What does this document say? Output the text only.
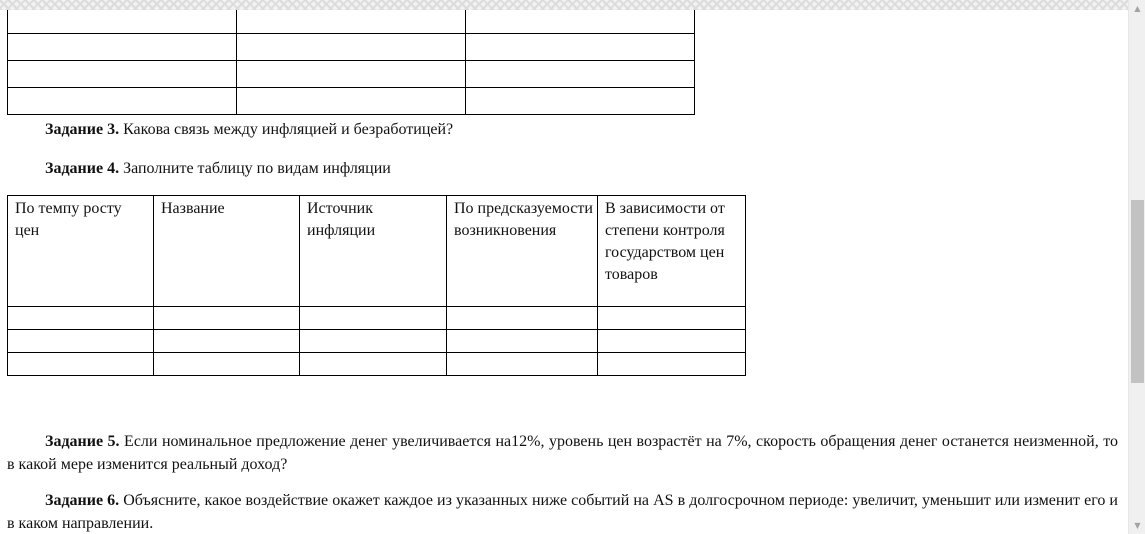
Задание 3. Какова связь между инфляцией и безработицей?

Задание 4. Заполните таблицу по видам инфляции

По темпу росту цен	Название	Источник инфляции	По предсказуемости возникновения	В зависимости от степени контроля государством цен товаров

Задание 5. Если номинальное предложение денег увеличивается на12%, уровень цен возрастёт на 7%, скорость обращения денег останется неизменной, то в какой мере изменится реальный доход?

Задание 6. Объясните, какое воздействие окажет каждое из указанных ниже событий на AS в долгосрочном периоде: увеличит, уменьшит или изменит его и в каком направлении.

▲
▼
